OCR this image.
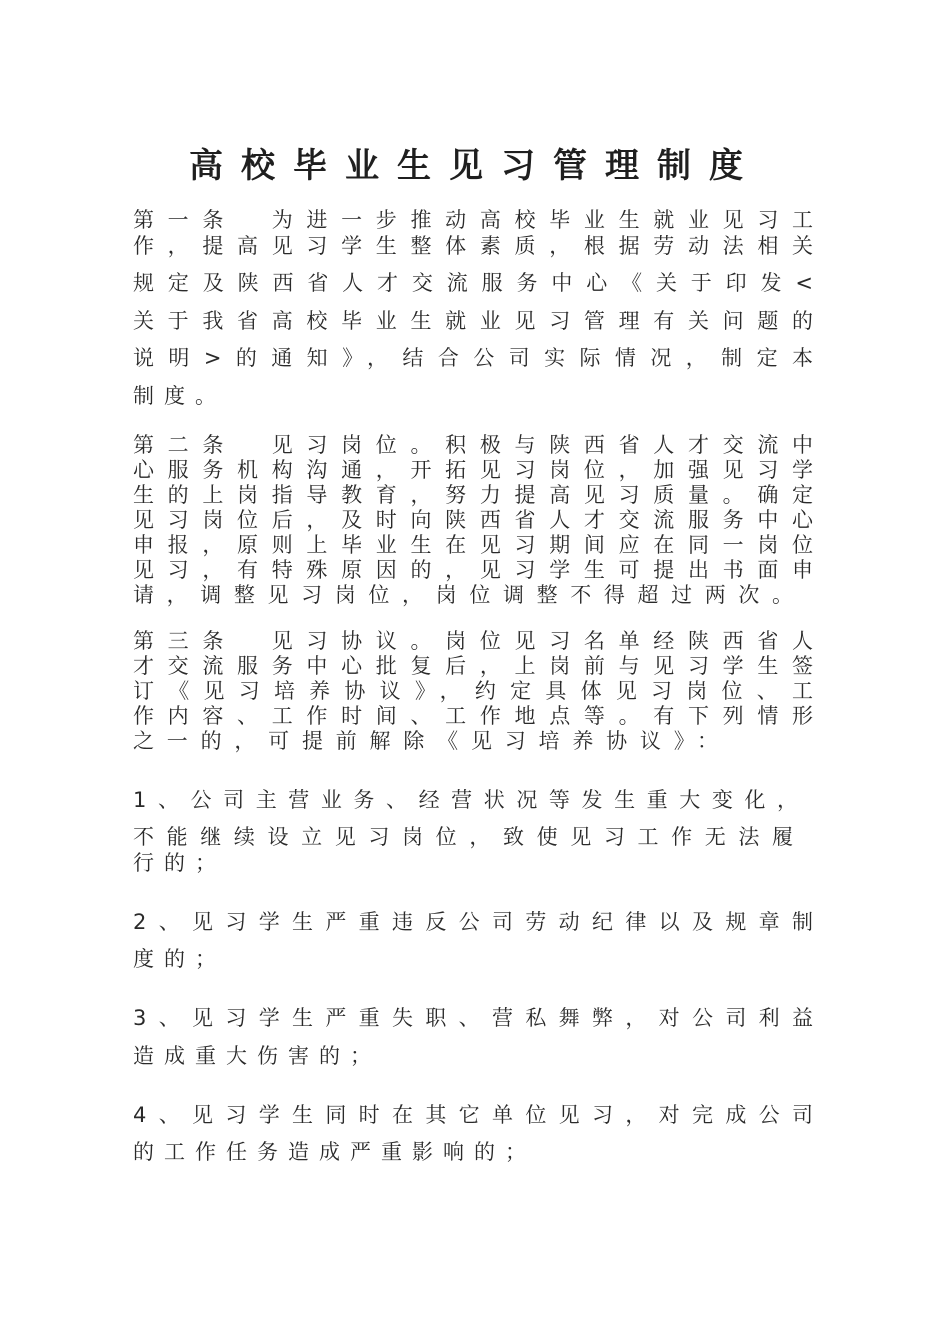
高校毕业生见习管理制度
第一条　为进一步推动高校毕业生就业见习工
作，提高见习学生整体素质，根据劳动法相关
规定及陕西省人才交流服务中心《关于印发<
关于我省高校毕业生就业见习管理有关问题的
说明>的通知》，结合公司实际情况，制定本
制度。
第二条　见习岗位。积极与陕西省人才交流中
心服务机构沟通，开拓见习岗位，加强见习学
生的上岗指导教育，努力提高见习质量。确定
见习岗位后，及时向陕西省人才交流服务中心
申报，原则上毕业生在见习期间应在同一岗位
见习，有特殊原因的，见习学生可提出书面申
请，调整见习岗位，岗位调整不得超过两次。
第三条　见习协议。岗位见习名单经陕西省人
才交流服务中心批复后，上岗前与见习学生签
订《见习培养协议》，约定具体见习岗位、工
作内容、工作时间、工作地点等。有下列情形
之一的，可提前解除《见习培养协议》：
1、公司主营业务、经营状况等发生重大变化，
不能继续设立见习岗位，致使见习工作无法履
行的；
2、见习学生严重违反公司劳动纪律以及规章制
度的；
3、见习学生严重失职、营私舞弊，对公司利益
造成重大伤害的；
4、见习学生同时在其它单位见习，对完成公司
的工作任务造成严重影响的；
